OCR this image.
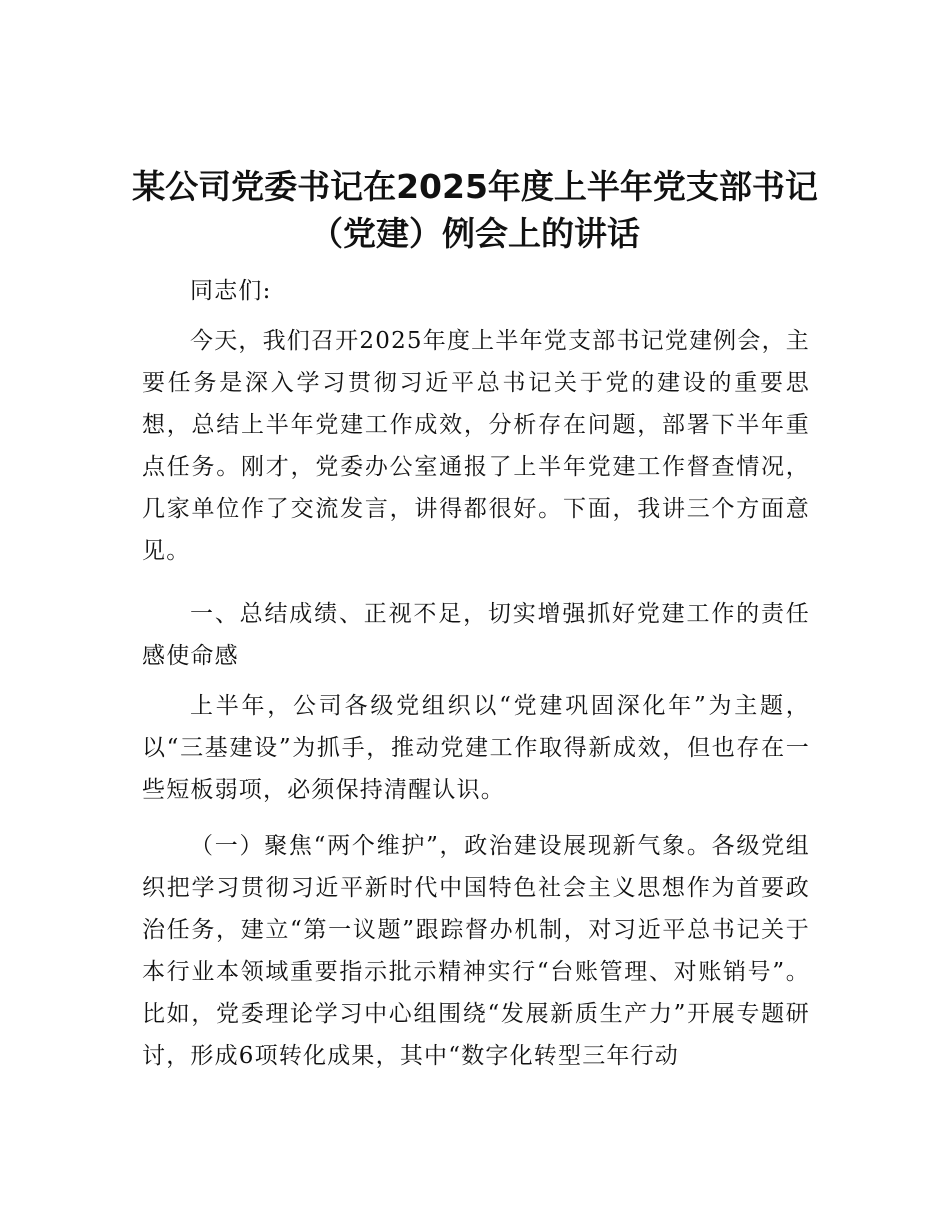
某公司党委书记在2025年度上半年党支部书记
（党建）例会上的讲话

同志们:

今天，我们召开2025年度上半年党支部书记党建例会，主要任务是深入学习贯彻习近平总书记关于党的建设的重要思想，总结上半年党建工作成效，分析存在问题，部署下半年重点任务。刚才，党委办公室通报了上半年党建工作督查情况，几家单位作了交流发言，讲得都很好。下面，我讲三个方面意见。

一、总结成绩、正视不足，切实增强抓好党建工作的责任感使命感

上半年，公司各级党组织以“党建巩固深化年”为主题，以“三基建设”为抓手，推动党建工作取得新成效，但也存在一些短板弱项，必须保持清醒认识。

（一）聚焦“两个维护”，政治建设展现新气象。各级党组织把学习贯彻习近平新时代中国特色社会主义思想作为首要政治任务，建立“第一议题”跟踪督办机制，对习近平总书记关于本行业本领域重要指示批示精神实行“台账管理、对账销号”。比如，党委理论学习中心组围绕“发展新质生产力”开展专题研讨，形成6项转化成果，其中“数字化转型三年行动
